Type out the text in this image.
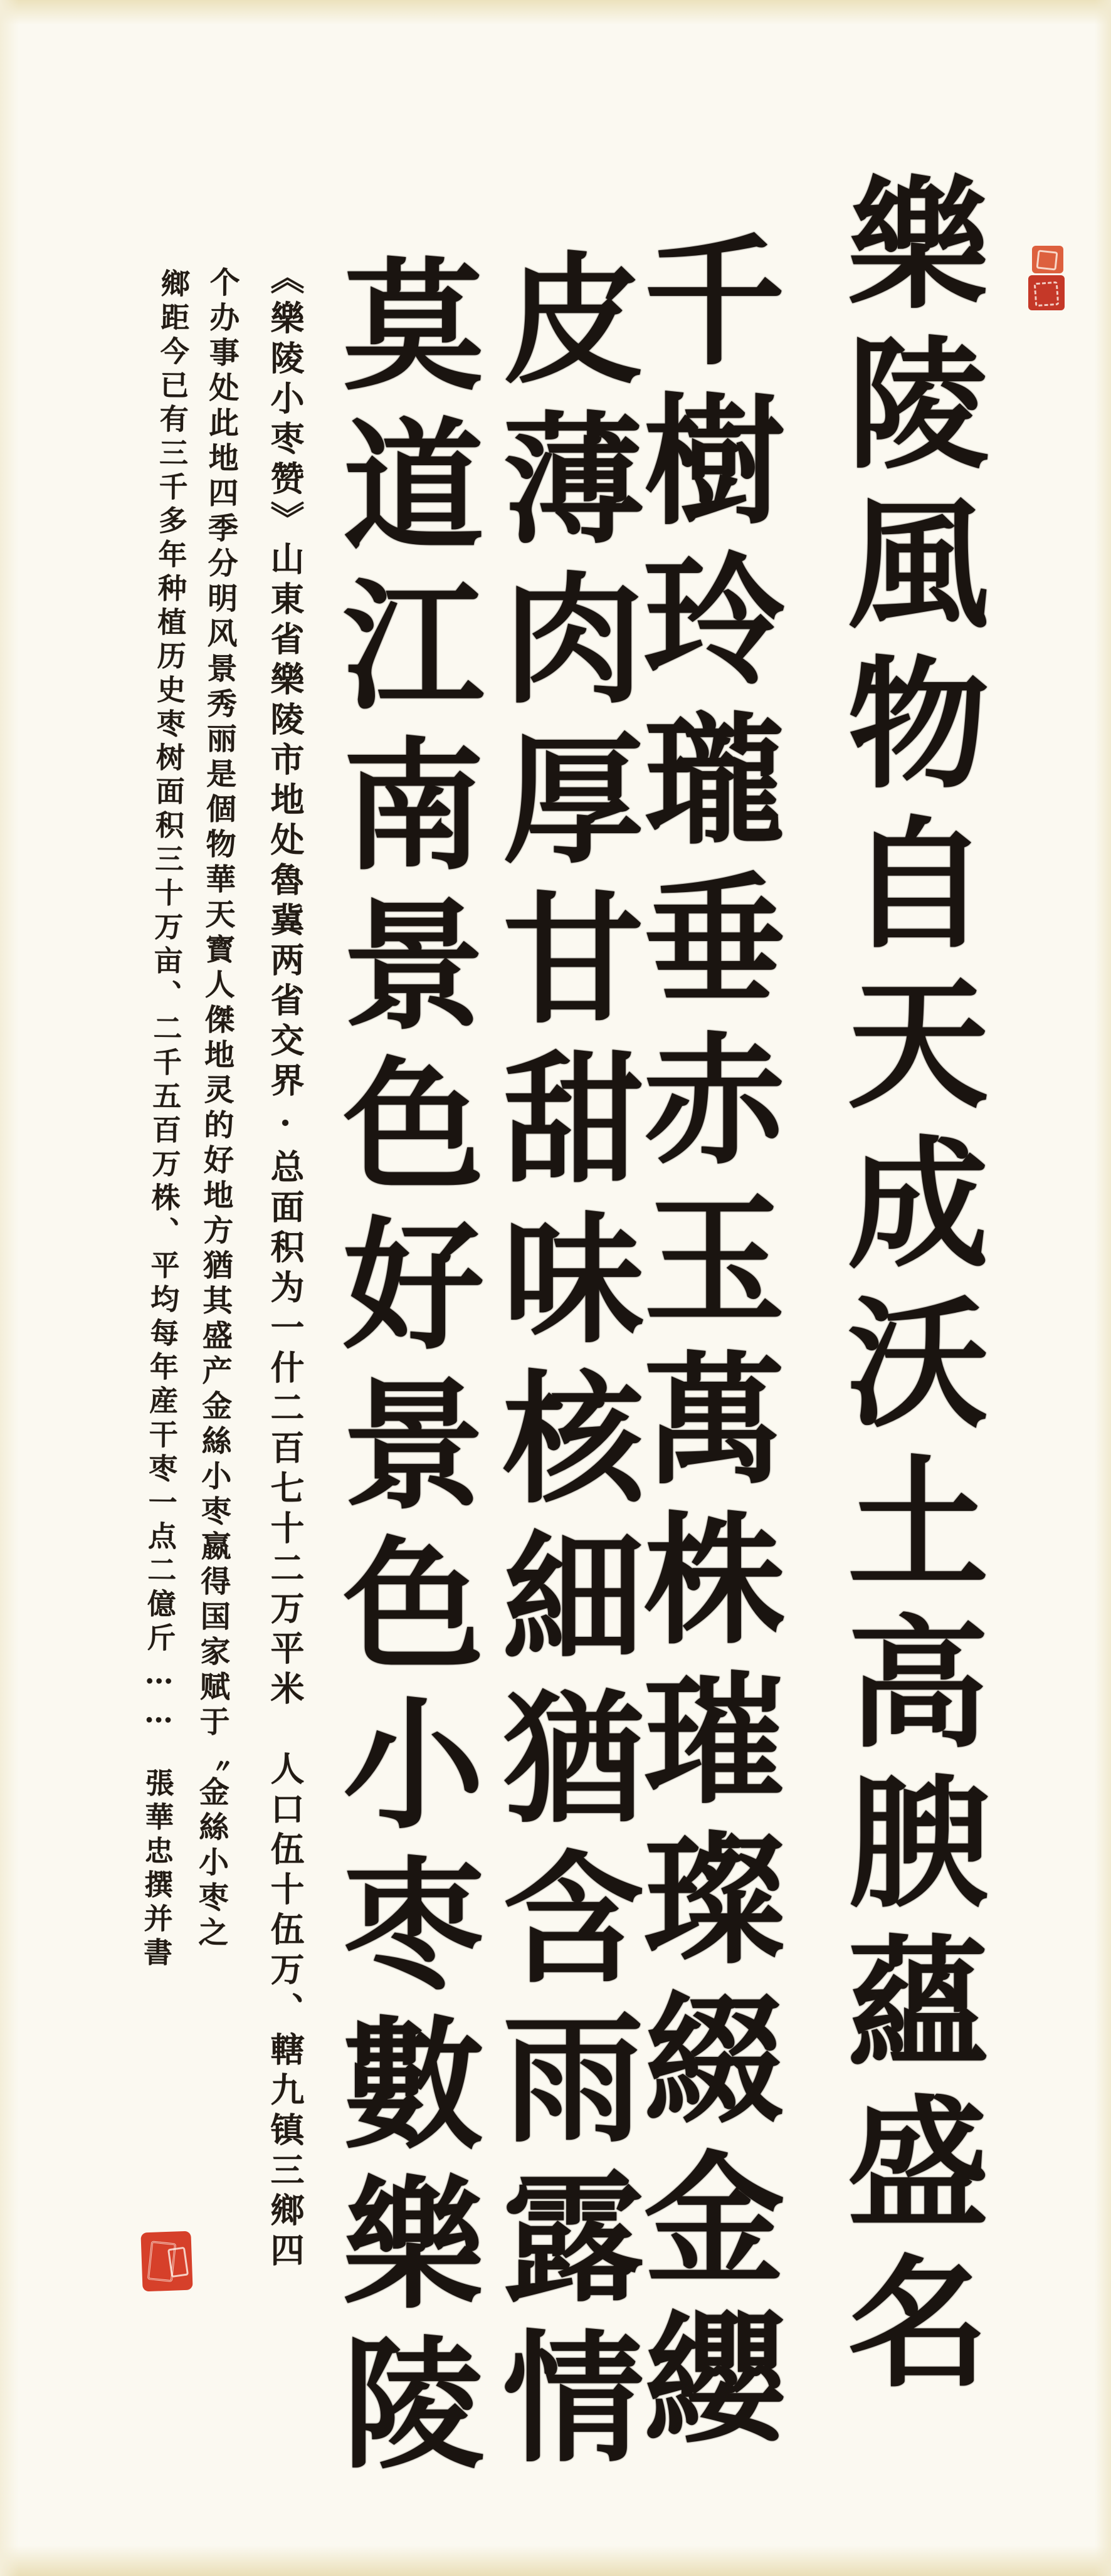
樂陵風物自天成沃土高腴蘊盛名
千樹玲瓏垂赤玉萬株璀璨綴金纓
皮薄肉厚甘甜味核細猶含雨露情
莫道江南景色好景色小枣數樂陵
《樂陵小枣赞》山東省樂陵市地处魯冀两省交界·总面积为一什二百七十二万平米　人口伍十伍万、轄九镇三鄉四
个办事处此地四季分明风景秀丽是個物華天寳人傑地灵的好地方猶其盛产金絲小枣嬴得国家赋于〝金絲小枣之
鄉距今已有三千多年种植历史枣树面积三十万亩、二千五百万株、平均每年産干枣一点二億斤……　張華忠撰并書
